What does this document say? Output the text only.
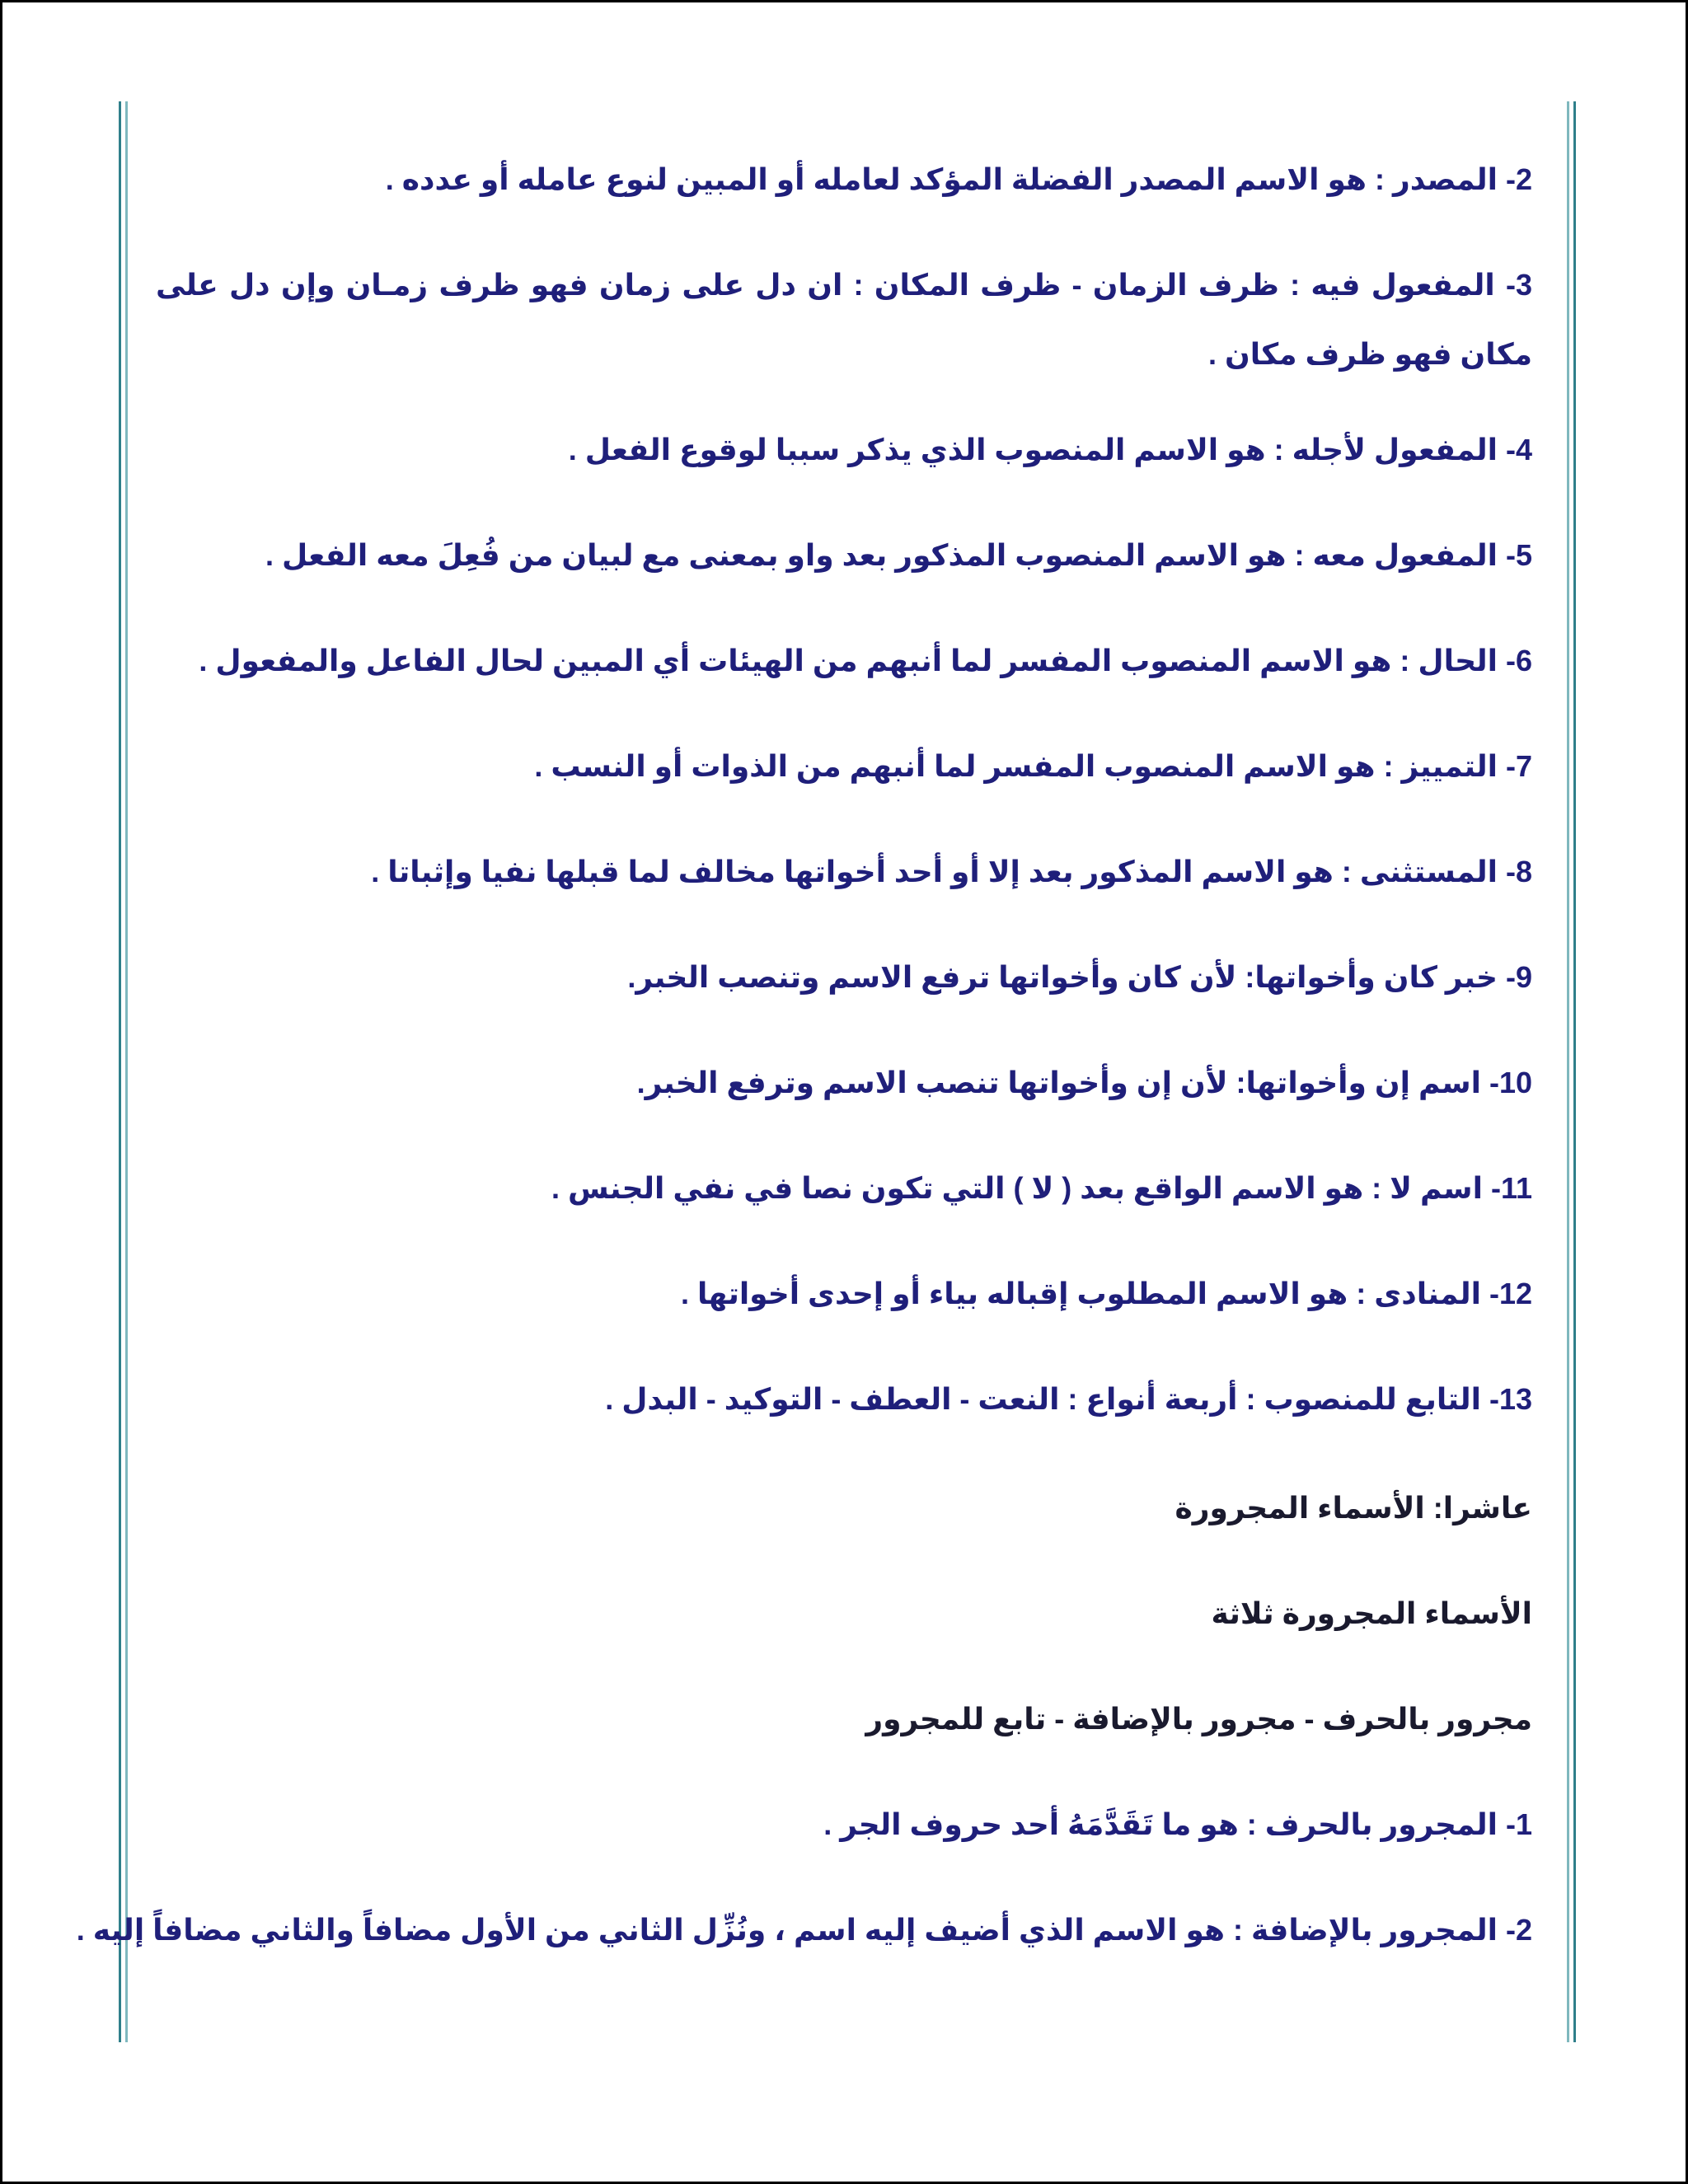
2- المصدر : هو الاسم المصدر الفضلة المؤكد لعامله أو المبين لنوع عامله أو عدده .
3- المفعول فيه : ظرف الزمان - ظرف المكان : ان دل على زمان فهو ظرف زمـان وإن دل على مكان فهو ظرف مكان .
4- المفعول لأجله : هو الاسم المنصوب الذي يذكر سببا لوقوع الفعل .
5- المفعول معه : هو الاسم المنصوب المذكور بعد واو بمعنى مع لبيان من فُعِلَ معه الفعل .
6- الحال : هو الاسم المنصوب المفسر لما أنبهم من الهيئات أي المبين لحال الفاعل والمفعول .
7- التمييز : هو الاسم المنصوب المفسر لما أنبهم من الذوات أو النسب .
8- المستثنى : هو الاسم المذكور بعد إلا أو أحد أخواتها مخالف لما قبلها نفيا وإثباتا .
9- خبر كان وأخواتها: لأن كان وأخواتها ترفع الاسم وتنصب الخبر.
10- اسم إن وأخواتها: لأن إن وأخواتها تنصب الاسم وترفع الخبر.
11- اسم لا : هو الاسم الواقع بعد ( لا ) التي تكون نصا في نفي الجنس .
12- المنادى : هو الاسم المطلوب إقباله بياء أو إحدى أخواتها .
13- التابع للمنصوب : أربعة أنواع : النعت - العطف - التوكيد - البدل .
عاشرا: الأسماء المجرورة
الأسماء المجرورة ثلاثة
مجرور بالحرف - مجرور بالإضافة - تابع للمجرور
1- المجرور بالحرف : هو ما تَقَدَّمَهُ أحد حروف الجر .
2- المجرور بالإضافة : هو الاسم الذي أضيف إليه اسم ، ونُزِّل الثاني من الأول مضافاً والثاني مضافاً إليه .
